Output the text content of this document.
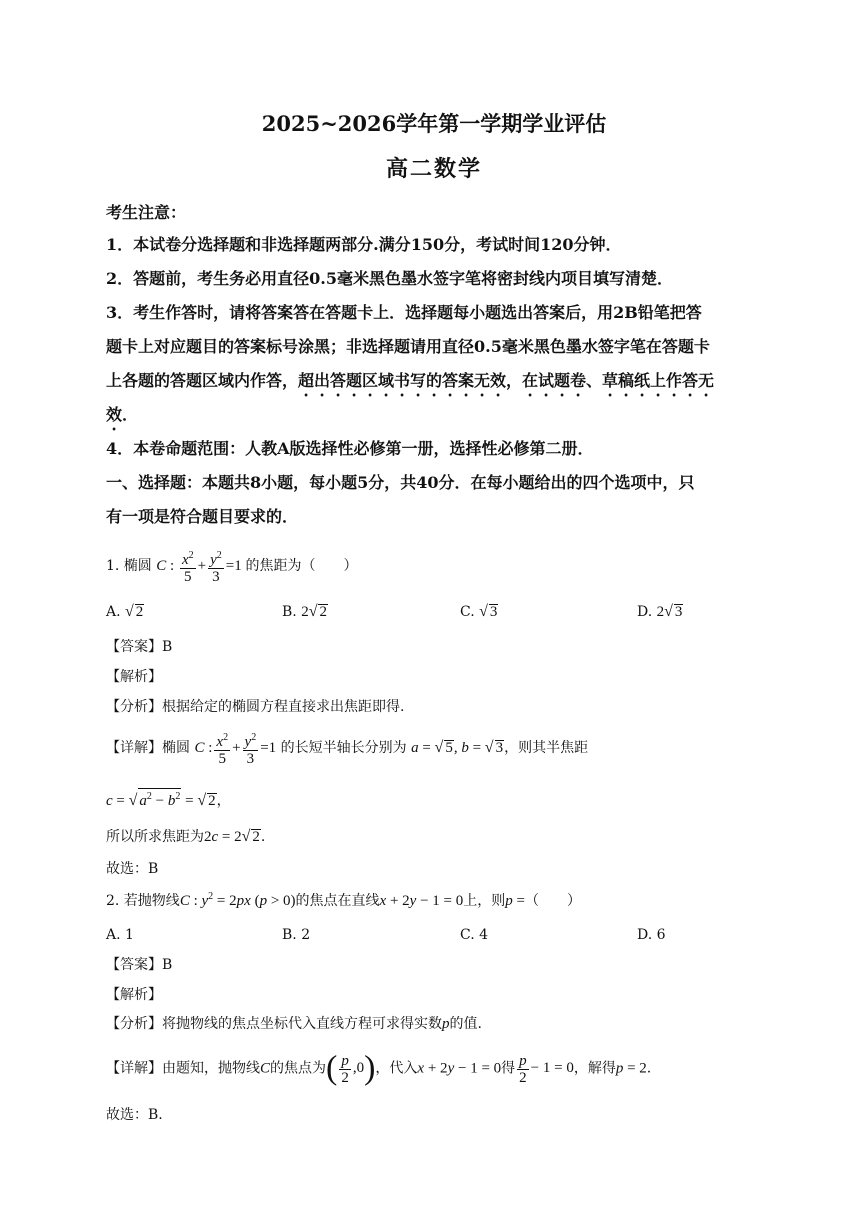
2025~2026学年第一学期学业评估
高二数学
考生注意：
1．本试卷分选择题和非选择题两部分.满分150分，考试时间120分钟．
2．答题前，考生务必用直径0.5毫米黑色墨水签字笔将密封线内项目填写清楚．
3．考生作答时，请将答案答在答题卡上．选择题每小题选出答案后，用2B铅笔把答
题卡上对应题目的答案标号涂黑；非选择题请用直径0.5毫米黑色墨水签字笔在答题卡
上各题的答题区域内作答，超出答题区域书写的答案无效，在试题卷、草稿纸上作答无
效．
4．本卷命题范围：人教A版选择性必修第一册，选择性必修第二册．
一、选择题：本题共8小题，每小题5分，共40分．在每小题给出的四个选项中，只
有一项是符合题目要求的．
1. 椭圆 C : $\frac{x^2}{5} + \frac{y^2}{3} =1$ 的焦距为（　　）
A. √ 2	B. 2√ 2	C. √ 3	D. 2√ 3
【答案】B
【解析】
【分析】根据给定的椭圆方程直接求出焦距即得.
【详解】椭圆 C : $\frac{x^2}{5} + \frac{y^2}{3} =1$ 的长短半轴长分别为 a = √ 5, b = √ 3，则其半焦距
c = √ $a^2 - b^2$ = √ 2，
所以所求焦距为2c = 2√ 2.
故选：B
2. 若抛物线C : $y^2 = 2px$ (p > 0)的焦点在直线x + 2y − 1 = 0上，则p =（　　）
A. 1	B. 2	C. 4	D. 6
【答案】B
【解析】
【分析】将抛物线的焦点坐标代入直线方程可求得实数p的值.
【详解】由题知，抛物线C的焦点为( $\frac{p}{2} ,0$)，代入x + 2y − 1 = 0得 $\frac{p}{2} - 1 = 0$，解得p = 2.
故选：B.
